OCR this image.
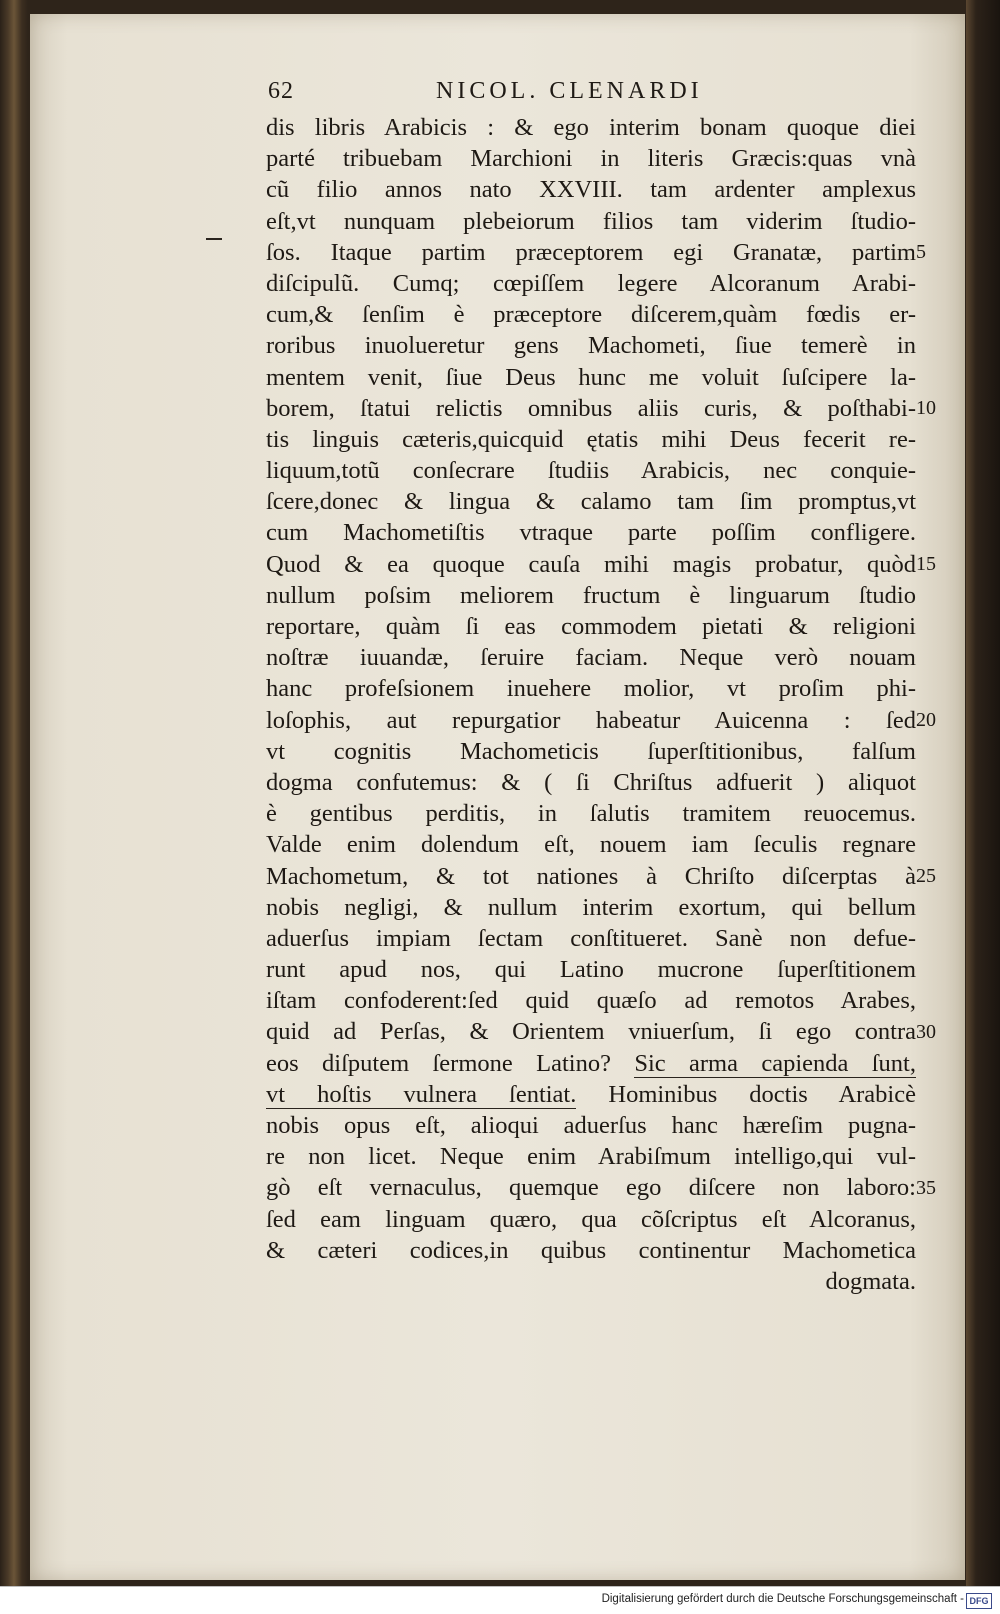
62	NICOL. CLENARDI
dis libris Arabicis : & ego interim bonam quoque diei
parté tribuebam Marchioni in literis Græcis:quas vnà
cũ filio annos nato XXVIII. tam ardenter amplexus
eſt,vt nunquam plebeiorum filios tam viderim ſtudio-
ſos. Itaque partim præceptorem egi Granatæ, partim
diſcipulũ. Cumq; cœpiſſem legere Alcoranum Arabi-
cum,& ſenſim è præceptore diſcerem,quàm fœdis er-
roribus inuolueretur gens Machometi, ſiue temerè in
mentem venit, ſiue Deus hunc me voluit ſuſcipere la-
borem, ſtatui relictis omnibus aliis curis, & poſthabi-
tis linguis cæteris,quicquid ętatis mihi Deus fecerit re-
liquum,totũ conſecrare ſtudiis Arabicis, nec conquie-
ſcere,donec & lingua & calamo tam ſim promptus,vt
cum Machometiſtis vtraque parte poſſim confligere.
Quod & ea quoque cauſa mihi magis probatur, quòd
nullum poſsim meliorem fructum è linguarum ſtudio
reportare, quàm ſi eas commodem pietati & religioni
noſtræ iuuandæ, ſeruire faciam. Neque verò nouam
hanc profeſsionem inuehere molior, vt proſim phi-
loſophis, aut repurgatior habeatur Auicenna : ſed
vt cognitis Machometicis ſuperſtitionibus, falſum
dogma confutemus: & ( ſi Chriſtus adfuerit ) aliquot
è gentibus perditis, in ſalutis tramitem reuocemus.
Valde enim dolendum eſt, nouem iam ſeculis regnare
Machometum, & tot nationes à Chriſto diſcerptas à
nobis negligi, & nullum interim exortum, qui bellum
aduerſus impiam ſectam conſtitueret. Sanè non defue-
runt apud nos, qui Latino mucrone ſuperſtitionem
iſtam confoderent:ſed quid quæſo ad remotos Arabes,
quid ad Perſas, & Orientem vniuerſum, ſi ego contra
eos diſputem ſermone Latino? Sic arma capienda ſunt,
vt hoſtis vulnera ſentiat. Hominibus doctis Arabicè
nobis opus eſt, alioqui aduerſus hanc hæreſim pugna-
re non licet. Neque enim Arabiſmum intelligo,qui vul-
gò eſt vernaculus, quemque ego diſcere non laboro:
ſed eam linguam quæro, qua cõſcriptus eſt Alcoranus,
& cæteri codices,in quibus continentur Machometica
dogmata.
5
10
15
20
25
30
35
Digitalisierung gefördert durch die Deutsche Forschungsgemeinschaft - DFG
